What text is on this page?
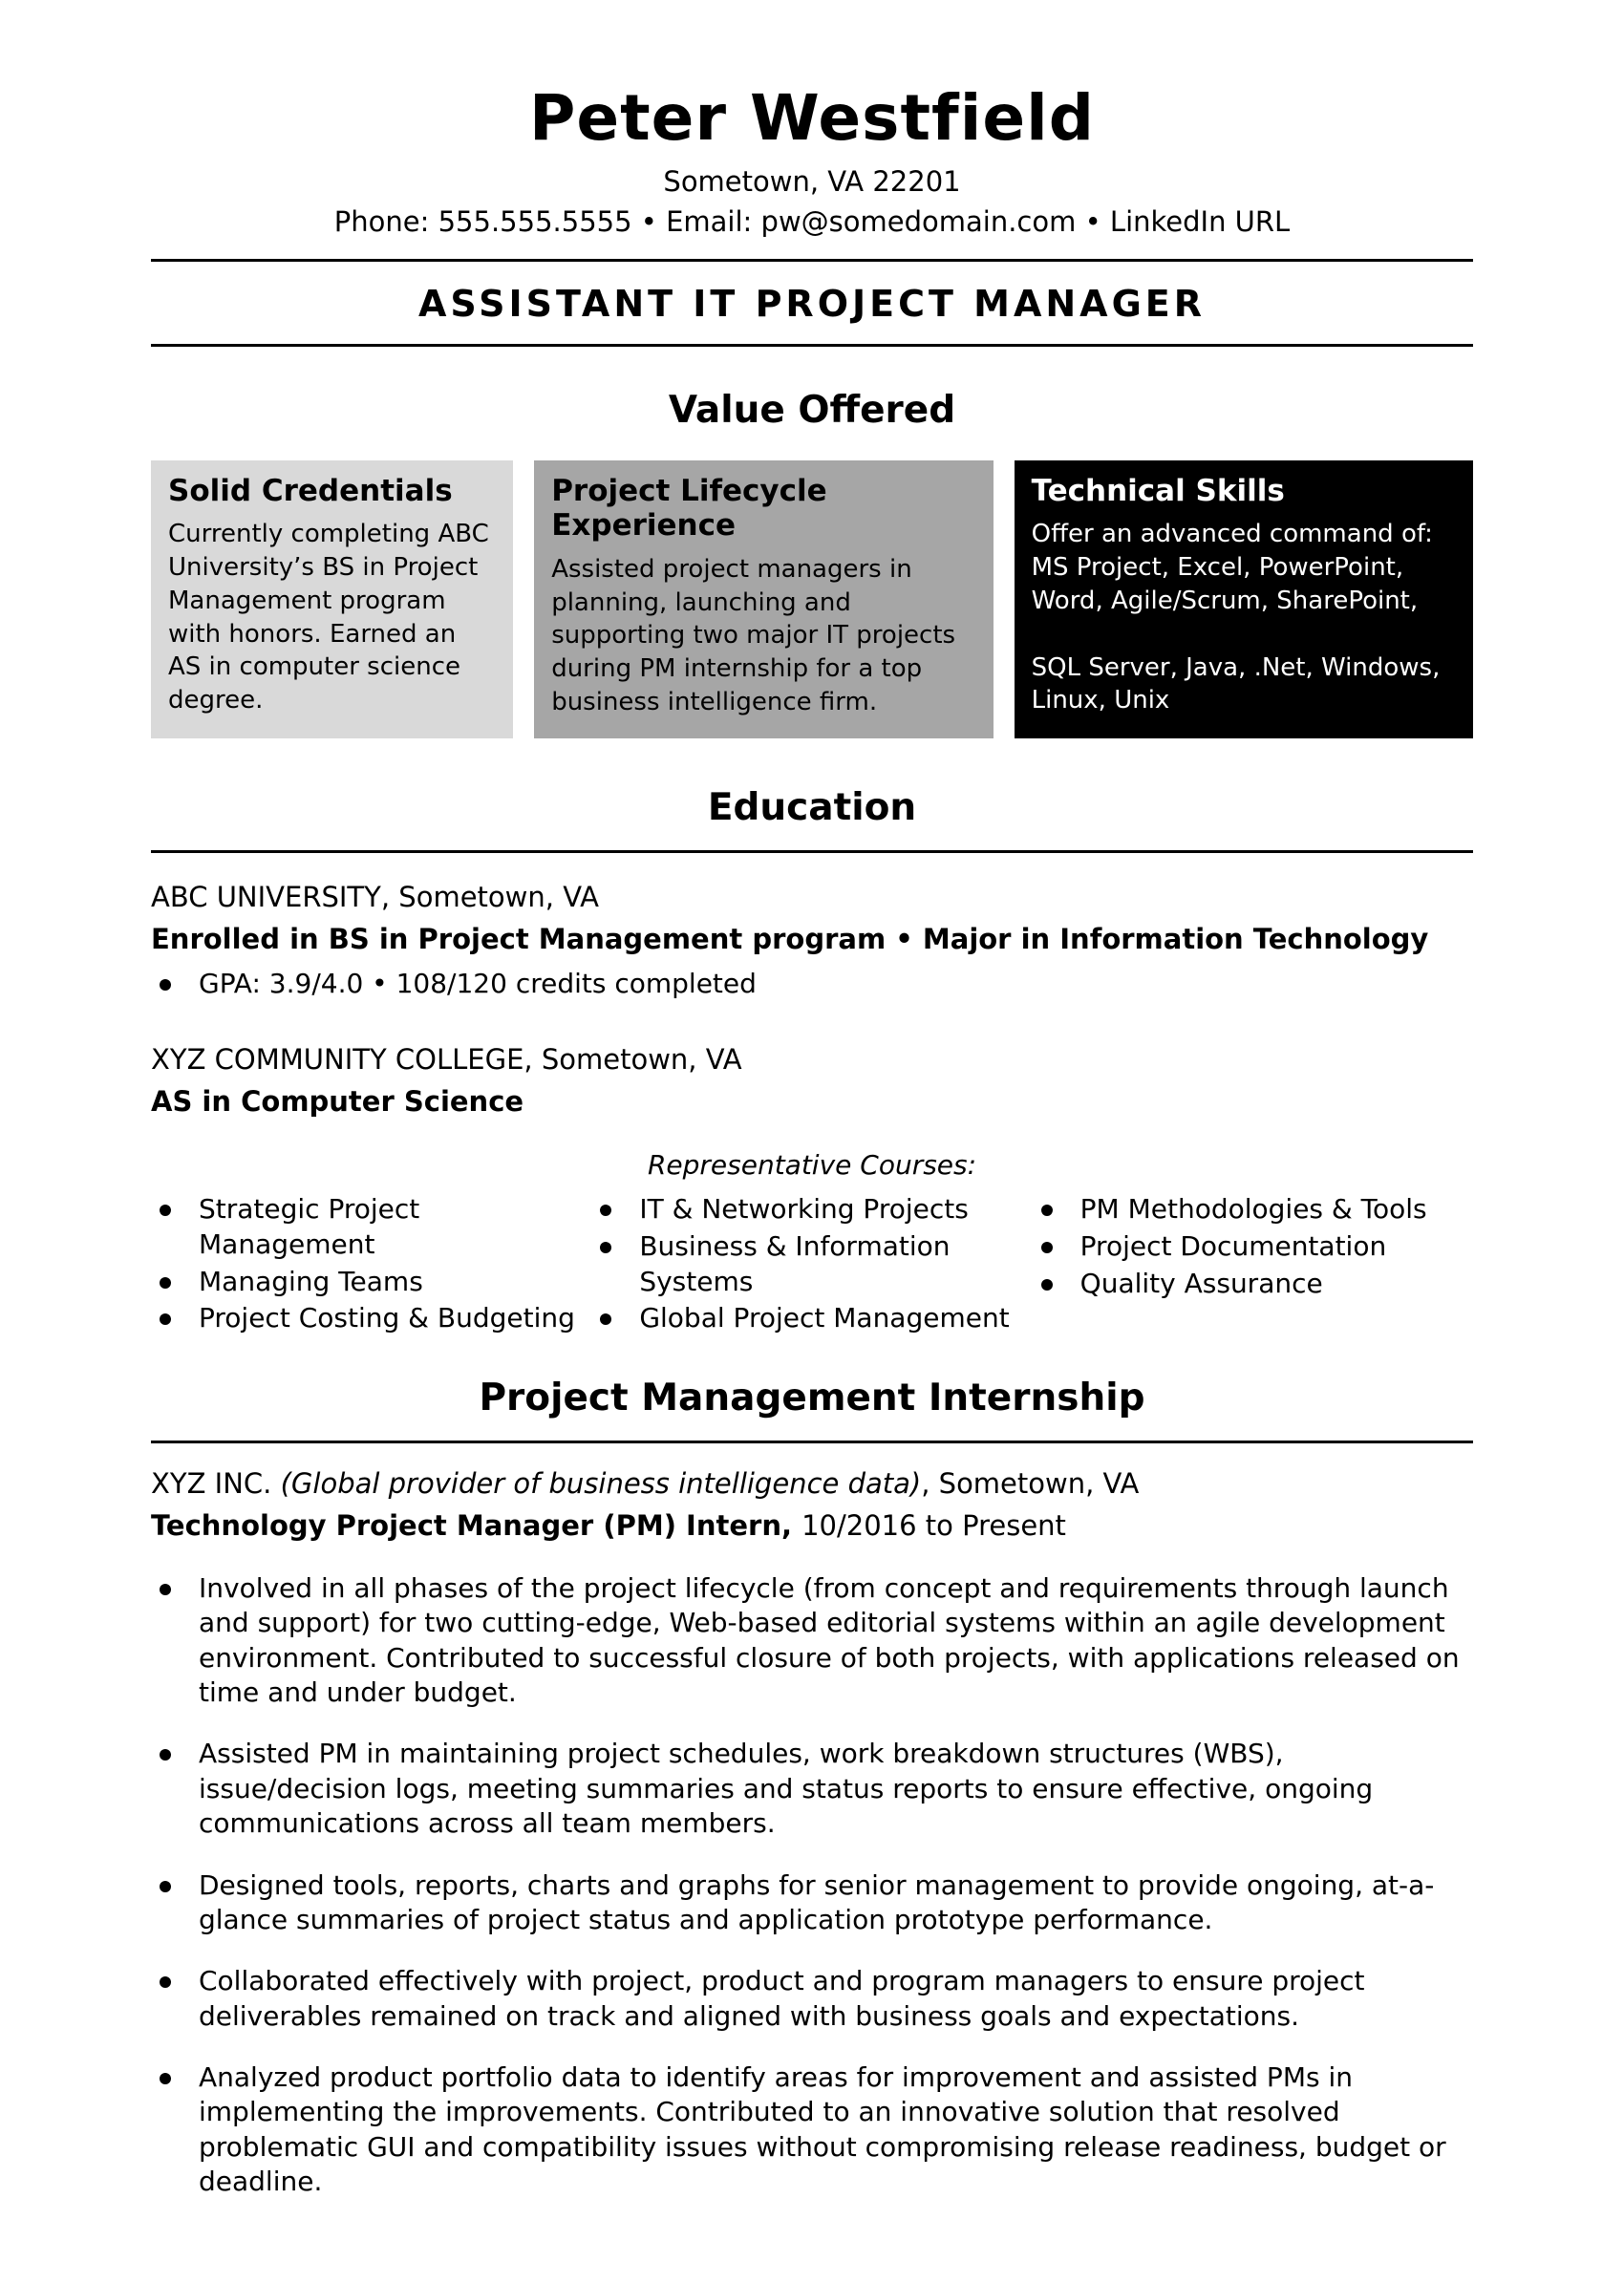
Peter Westfield
Sometown, VA 22201
Phone: 555.555.5555 • Email: pw@somedomain.com • LinkedIn URL
ASSISTANT IT PROJECT MANAGER
Value Offered
Solid Credentials

Currently completing ABC University’s BS in Project Management program with honors. Earned an AS in computer science degree.

Project Lifecycle Experience

Assisted project managers in planning, launching and supporting two major IT projects during PM internship for a top business intelligence firm.

Technical Skills

Offer an advanced command of:

MS Project, Excel, PowerPoint, Word, Agile/Scrum, SharePoint,

SQL Server, Java, .Net, Windows, Linux, Unix

Education
ABC UNIVERSITY, Sometown, VA
Enrolled in BS in Project Management program • Major in Information Technology
GPA: 3.9/4.0 • 108/120 credits completed
XYZ COMMUNITY COLLEGE, Sometown, VA
AS in Computer Science
Representative Courses:
Strategic Project Management
Managing Teams
Project Costing & Budgeting
IT & Networking Projects
Business & Information Systems
Global Project Management
PM Methodologies & Tools
Project Documentation
Quality Assurance
Project Management Internship
XYZ INC. (Global provider of business intelligence data), Sometown, VA
Technology Project Manager (PM) Intern, 10/2016 to Present
Involved in all phases of the project lifecycle (from concept and requirements through launch and support) for two cutting-edge, Web-based editorial systems within an agile development environment. Contributed to successful closure of both projects, with applications released on time and under budget.
Assisted PM in maintaining project schedules, work breakdown structures (WBS), issue/decision logs, meeting summaries and status reports to ensure effective, ongoing communications across all team members.
Designed tools, reports, charts and graphs for senior management to provide ongoing, at-a-glance summaries of project status and application prototype performance.
Collaborated effectively with project, product and program managers to ensure project deliverables remained on track and aligned with business goals and expectations.
Analyzed product portfolio data to identify areas for improvement and assisted PMs in implementing the improvements. Contributed to an innovative solution that resolved problematic GUI and compatibility issues without compromising release readiness, budget or deadline.
